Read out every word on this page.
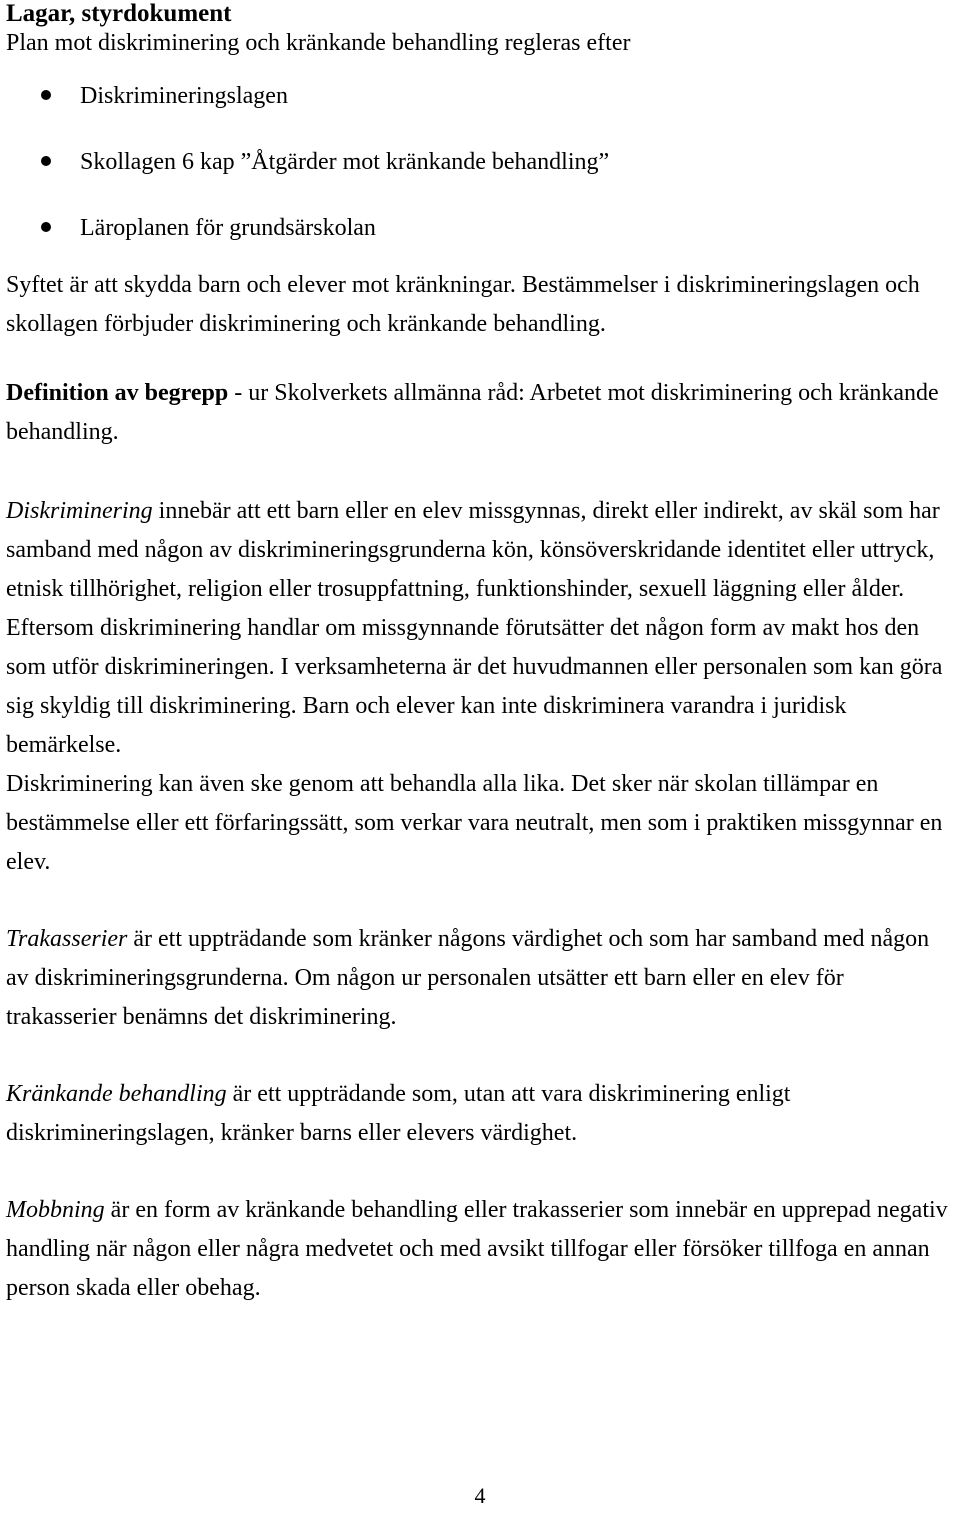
Lagar, styrdokument

Plan mot diskriminering och kränkande behandling regleras efter

Diskrimineringslagen
Skollagen 6 kap ”Åtgärder mot kränkande behandling”
Läroplanen för grundsärskolan

Syftet är att skydda barn och elever mot kränkningar. Bestämmelser i diskrimineringslagen och skollagen förbjuder diskriminering och kränkande behandling.

Definition av begrepp - ur Skolverkets allmänna råd: Arbetet mot diskriminering och kränkande behandling.

Diskriminering innebär att ett barn eller en elev missgynnas, direkt eller indirekt, av skäl som har samband med någon av diskrimineringsgrunderna kön, könsöverskridande identitet eller uttryck, etnisk tillhörighet, religion eller trosuppfattning, funktionshinder, sexuell läggning eller ålder. Eftersom diskriminering handlar om missgynnande förutsätter det någon form av makt hos den som utför diskrimineringen. I verksamheterna är det huvudmannen eller personalen som kan göra sig skyldig till diskriminering. Barn och elever kan inte diskriminera varandra i juridisk bemärkelse.

Diskriminering kan även ske genom att behandla alla lika. Det sker när skolan tillämpar en bestämmelse eller ett förfaringssätt, som verkar vara neutralt, men som i praktiken missgynnar en elev.

Trakasserier är ett uppträdande som kränker någons värdighet och som har samband med någon av diskrimineringsgrunderna. Om någon ur personalen utsätter ett barn eller en elev för trakasserier benämns det diskriminering.

Kränkande behandling är ett uppträdande som, utan att vara diskriminering enligt diskrimineringslagen, kränker barns eller elevers värdighet.

Mobbning är en form av kränkande behandling eller trakasserier som innebär en upprepad negativ handling när någon eller några medvetet och med avsikt tillfogar eller försöker tillfoga en annan person skada eller obehag.

4
